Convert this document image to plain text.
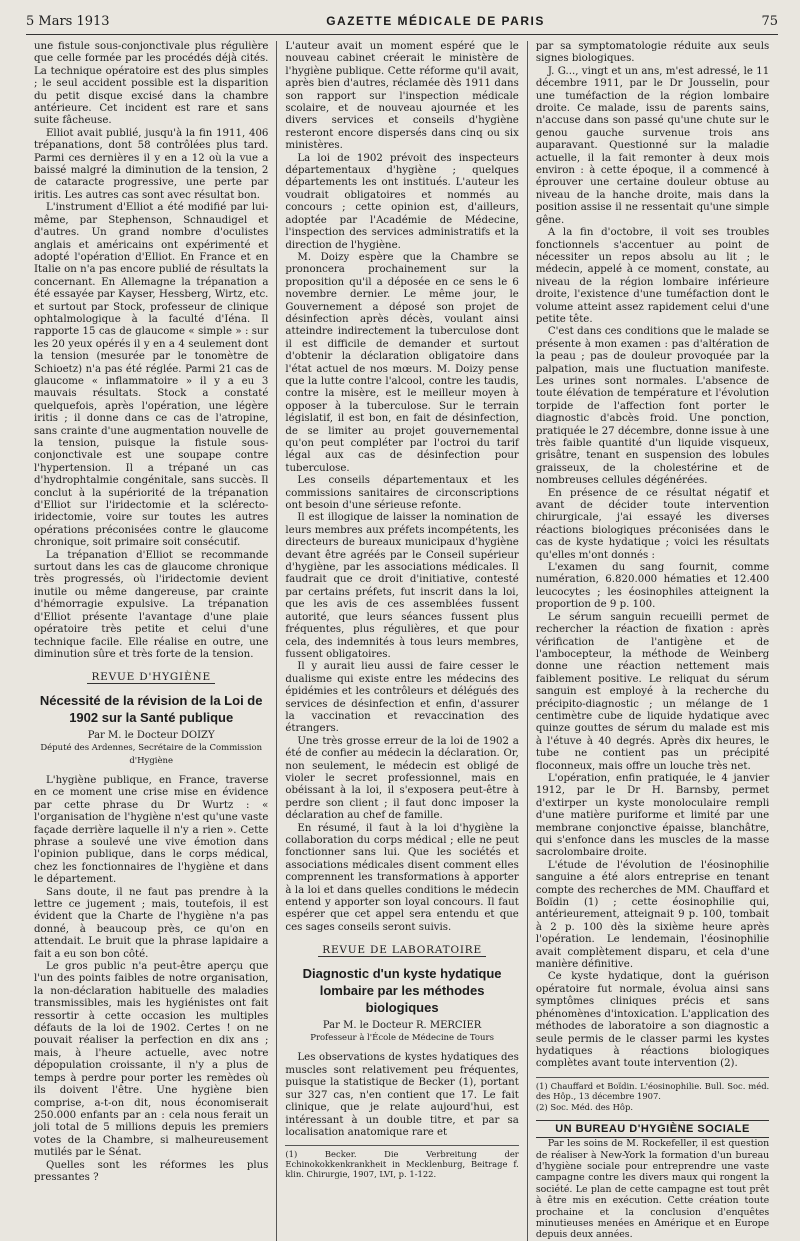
5 Mars 1913	GAZETTE MÉDICALE DE PARIS	75

une fistule sous-conjonctivale plus régulière que celle formée par les procédés déjà cités. La technique opératoire est des plus simples ; le seul accident possible est la disparition du petit disque excisé dans la chambre antérieure. Cet incident est rare et sans suite fâcheuse.

Elliot avait publié, jusqu'à la fin 1911, 406 trépanations, dont 58 contrôlées plus tard. Parmi ces dernières il y en a 12 où la vue a baissé malgré la diminution de la tension, 2 de cataracte progressive, une perte par iritis. Les autres cas sont avec résultat bon.

L'instrument d'Elliot a été modifié par lui-même, par Stephenson, Schnaudigel et d'autres. Un grand nombre d'oculistes anglais et américains ont expérimenté et adopté l'opération d'Elliot. En France et en Italie on n'a pas encore publié de résultats la concernant. En Allemagne la trépanation a été essayée par Kayser, Hessberg, Wirtz, etc. et surtout par Stock, professeur de clinique ophtalmologique à la faculté d'Iéna. Il rapporte 15 cas de glaucome « simple » : sur les 20 yeux opérés il y en a 4 seulement dont la tension (mesurée par le tonomètre de Schioetz) n'a pas été réglée. Parmi 21 cas de glaucome « inflammatoire » il y a eu 3 mauvais résultats. Stock a constaté quelquefois, après l'opération, une légère iritis ; il donne dans ce cas de l'atropine, sans crainte d'une augmentation nouvelle de la tension, puisque la fistule sous-conjonctivale est une soupape contre l'hypertension. Il a trépané un cas d'hydrophtalmie congénitale, sans succès. Il conclut à la supériorité de la trépanation d'Elliot sur l'iridectomie et la sclérecto-iridectomie, voire sur toutes les autres opérations préconisées contre le glaucome chronique, soit primaire soit consécutif.

La trépanation d'Elliot se recommande surtout dans les cas de glaucome chronique très progressés, où l'iridectomie devient inutile ou même dangereuse, par crainte d'hémorragie expulsive. La trépanation d'Elliot présente l'avantage d'une plaie opératoire très petite et celui d'une technique facile. Elle réalise en outre, une diminution sûre et très forte de la tension.

REVUE D'HYGIÈNE
Nécessité de la révision de la Loi de 1902 sur la Santé publique
Par M. le Docteur DOIZY
Député des Ardennes, Secrétaire de la Commission d'Hygiène

L'hygiène publique, en France, traverse en ce moment une crise mise en évidence par cette phrase du Dr Wurtz : « l'organisation de l'hygiène n'est qu'une vaste façade derrière laquelle il n'y a rien ». Cette phrase a soulevé une vive émotion dans l'opinion publique, dans le corps médical, chez les fonctionnaires de l'hygiène et dans le département.

Sans doute, il ne faut pas prendre à la lettre ce jugement ; mais, toutefois, il est évident que la Charte de l'hygiène n'a pas donné, à beaucoup près, ce qu'on en attendait. Le bruit que la phrase lapidaire a fait a eu son bon côté.

Le gros public n'a peut-être aperçu que l'un des points faibles de notre organisation, la non-déclaration habituelle des maladies transmissibles, mais les hygiénistes ont fait ressortir à cette occasion les multiples défauts de la loi de 1902. Certes ! on ne pouvait réaliser la perfection en dix ans ; mais, à l'heure actuelle, avec notre dépopulation croissante, il n'y a plus de temps à perdre pour porter les remèdes où ils doivent l'être. Une hygiène bien comprise, a-t-on dit, nous économiserait 250.000 enfants par an : cela nous ferait un joli total de 5 millions depuis les premiers votes de la Chambre, si malheureusement mutilés par le Sénat.

Quelles sont les réformes les plus pressantes ?

L'auteur avait un moment espéré que le nouveau cabinet créerait le ministère de l'hygiène publique. Cette réforme qu'il avait, après bien d'autres, réclamée dès 1911 dans son rapport sur l'inspection médicale scolaire, et de nouveau ajournée et les divers services et conseils d'hygiène resteront encore dispersés dans cinq ou six ministères.

La loi de 1902 prévoit des inspecteurs départementaux d'hygiène ; quelques départements les ont institués. L'auteur les voudrait obligatoires et nommés au concours ; cette opinion est, d'ailleurs, adoptée par l'Académie de Médecine, l'inspection des services administratifs et la direction de l'hygiène.

M. Doizy espère que la Chambre se prononcera prochainement sur la proposition qu'il a déposée en ce sens le 6 novembre dernier. Le même jour, le Gouvernement a déposé son projet de désinfection après décès, voulant ainsi atteindre indirectement la tuberculose dont il est difficile de demander et surtout d'obtenir la déclaration obligatoire dans l'état actuel de nos mœurs. M. Doizy pense que la lutte contre l'alcool, contre les taudis, contre la misère, est le meilleur moyen à opposer à la tuberculose. Sur le terrain législatif, il est bon, en fait de désinfection, de se limiter au projet gouvernemental qu'on peut compléter par l'octroi du tarif légal aux cas de désinfection pour tuberculose.

Les conseils départementaux et les commissions sanitaires de circonscriptions ont besoin d'une sérieuse refonte.

Il est illogique de laisser la nomination de leurs membres aux préfets incompétents, les directeurs de bureaux municipaux d'hygiène devant être agréés par le Conseil supérieur d'hygiène, par les associations médicales. Il faudrait que ce droit d'initiative, contesté par certains préfets, fut inscrit dans la loi, que les avis de ces assemblées fussent autorité, que leurs séances fussent plus fréquentes, plus régulières, et que pour cela, des indemnités à tous leurs membres, fussent obligatoires.

Il y aurait lieu aussi de faire cesser le dualisme qui existe entre les médecins des épidémies et les contrôleurs et délégués des services de désinfection et enfin, d'assurer la vaccination et revaccination des étrangers.

Une très grosse erreur de la loi de 1902 a été de confier au médecin la déclaration. Or, non seulement, le médecin est obligé de violer le secret professionnel, mais en obéissant à la loi, il s'exposera peut-être à perdre son client ; il faut donc imposer la déclaration au chef de famille.

En résumé, il faut à la loi d'hygiène la collaboration du corps médical ; elle ne peut fonctionner sans lui. Que les sociétés et associations médicales disent comment elles comprennent les transformations à apporter à la loi et dans quelles conditions le médecin entend y apporter son loyal concours. Il faut espérer que cet appel sera entendu et que ces sages conseils seront suivis.

REVUE DE LABORATOIRE
Diagnostic d'un kyste hydatique lombaire par les méthodes biologiques
Par M. le Docteur R. MERCIER
Professeur à l'École de Médecine de Tours

Les observations de kystes hydatiques des muscles sont relativement peu fréquentes, puisque la statistique de Becker (1), portant sur 327 cas, n'en contient que 17. Le fait clinique, que je relate aujourd'hui, est intéressant à un double titre, et par sa localisation anatomique rare et

(1) Becker. Die Verbreitung der Echinokokkenkrankheit in Mecklenburg, Beitrage f. klin. Chirurgie, 1907, LVI, p. 1-122.

par sa symptomatologie réduite aux seuls signes biologiques.

J. G..., vingt et un ans, m'est adressé, le 11 décembre 1911, par le Dr Jousselin, pour une tuméfaction de la région lombaire droite. Ce malade, issu de parents sains, n'accuse dans son passé qu'une chute sur le genou gauche survenue trois ans auparavant. Questionné sur la maladie actuelle, il la fait remonter à deux mois environ : à cette époque, il a commencé à éprouver une certaine douleur obtuse au niveau de la hanche droite, mais dans la position assise il ne ressentait qu'une simple gêne.

A la fin d'octobre, il voit ses troubles fonctionnels s'accentuer au point de nécessiter un repos absolu au lit ; le médecin, appelé à ce moment, constate, au niveau de la région lombaire inférieure droite, l'existence d'une tuméfaction dont le volume atteint assez rapidement celui d'une petite tête.

C'est dans ces conditions que le malade se présente à mon examen : pas d'altération de la peau ; pas de douleur provoquée par la palpation, mais une fluctuation manifeste. Les urines sont normales. L'absence de toute élévation de température et l'évolution torpide de l'affection font porter le diagnostic d'abcès froid. Une ponction, pratiquée le 27 décembre, donne issue à une très faible quantité d'un liquide visqueux, grisâtre, tenant en suspension des lobules graisseux, de la cholestérine et de nombreuses cellules dégénérées.

En présence de ce résultat négatif et avant de décider toute intervention chirurgicale, j'ai essayé les diverses réactions biologiques préconisées dans le cas de kyste hydatique ; voici les résultats qu'elles m'ont donnés :

L'examen du sang fournit, comme numération, 6.820.000 hématies et 12.400 leucocytes ; les éosinophiles atteignent la proportion de 9 p. 100.

Le sérum sanguin recueilli permet de rechercher la réaction de fixation : après vérification de l'antigène et de l'ambocepteur, la méthode de Weinberg donne une réaction nettement mais faiblement positive. Le reliquat du sérum sanguin est employé à la recherche du précipito-diagnostic ; un mélange de 1 centimètre cube de liquide hydatique avec quinze gouttes de sérum du malade est mis à l'étuve à 40 degrés. Après dix heures, le tube ne contient pas un précipité floconneux, mais offre un louche très net.

L'opération, enfin pratiquée, le 4 janvier 1912, par le Dr H. Barnsby, permet d'extirper un kyste monoloculaire rempli d'une matière puriforme et limité par une membrane conjonctive épaisse, blanchâtre, qui s'enfonce dans les muscles de la masse sacrolombaire droite.

L'étude de l'évolution de l'éosinophilie sanguine a été alors entreprise en tenant compte des recherches de MM. Chauffard et Boïdin (1) ; cette éosinophilie qui, antérieurement, atteignait 9 p. 100, tombait à 2 p. 100 dès la sixième heure après l'opération. Le lendemain, l'éosinophilie avait complètement disparu, et cela d'une manière définitive.

Ce kyste hydatique, dont la guérison opératoire fut normale, évolua ainsi sans symptômes cliniques précis et sans phénomènes d'intoxication. L'application des méthodes de laboratoire a son diagnostic a seule permis de le classer parmi les kystes hydatiques à réactions biologiques complètes avant toute intervention (2).

(1) Chauffard et Boïdin. L'éosinophilie. Bull. Soc. méd. des Hôp., 13 décembre 1907.
(2) Soc. Méd. des Hôp.
UN BUREAU D'HYGIÈNE SOCIALE

Par les soins de M. Rockefeller, il est question de réaliser à New-York la formation d'un bureau d'hygiène sociale pour entreprendre une vaste campagne contre les divers maux qui rongent la société. Le plan de cette campagne est tout prêt à être mis en exécution. Cette création toute prochaine et la conclusion d'enquêtes minutieuses menées en Amérique et en Europe depuis deux années.
